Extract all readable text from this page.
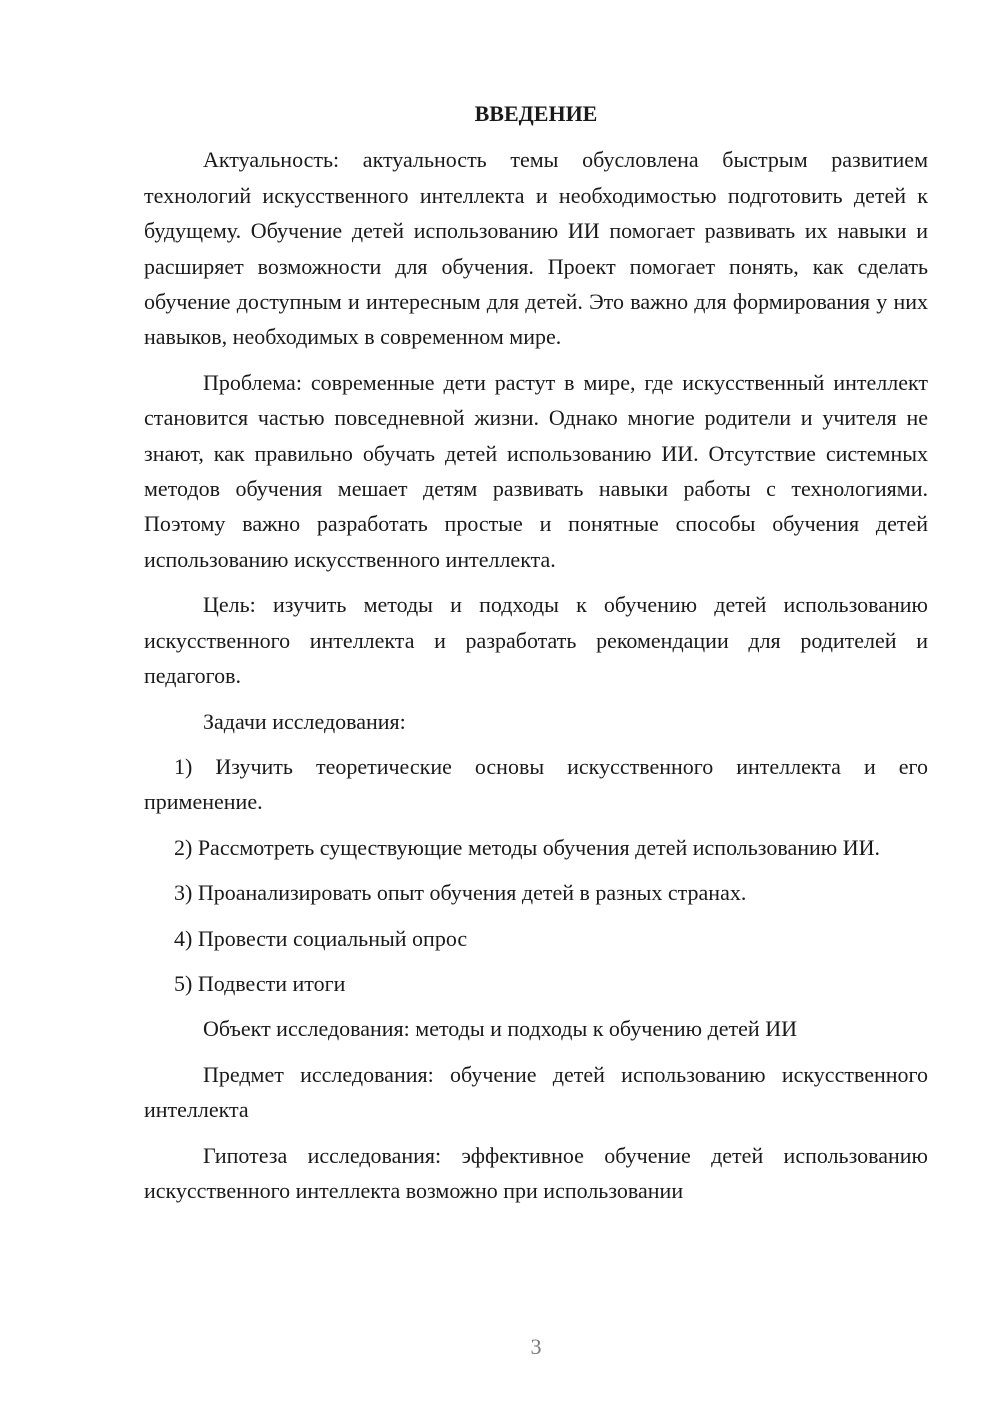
ВВЕДЕНИЕ

Актуальность: актуальность темы обусловлена быстрым развитием технологий искусственного интеллекта и необходимостью подготовить детей к будущему. Обучение детей использованию ИИ помогает развивать их навыки и расширяет возможности для обучения. Проект помогает понять, как сделать обучение доступным и интересным для детей. Это важно для формирования у них навыков, необходимых в современном мире.

Проблема: современные дети растут в мире, где искусственный интеллект становится частью повседневной жизни. Однако многие родители и учителя не знают, как правильно обучать детей использованию ИИ. Отсутствие системных методов обучения мешает детям развивать навыки работы с технологиями. Поэтому важно разработать простые и понятные способы обучения детей использованию искусственного интеллекта.

Цель: изучить методы и подходы к обучению детей использованию искусственного интеллекта и разработать рекомендации для родителей и педагогов.

Задачи исследования:

1) Изучить теоретические основы искусственного интеллекта и его применение.

2) Рассмотреть существующие методы обучения детей использованию ИИ.

3) Проанализировать опыт обучения детей в разных странах.

4) Провести социальный опрос

5) Подвести итоги

Объект исследования: методы и подходы к обучению детей ИИ

Предмет исследования: обучение детей использованию искусственного интеллекта

Гипотеза исследования: эффективное обучение детей использованию искусственного интеллекта возможно при использовании

3
